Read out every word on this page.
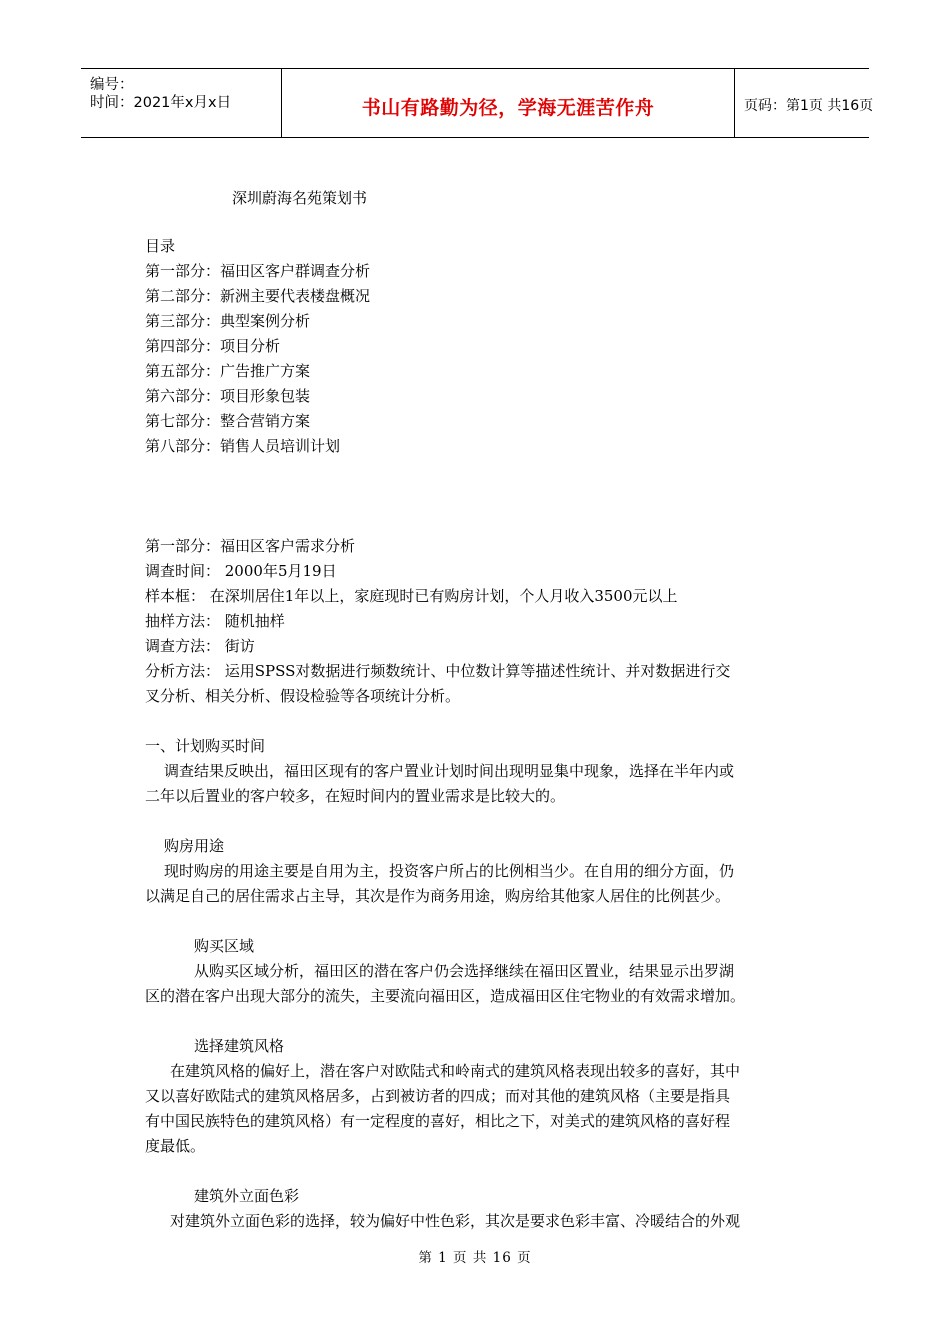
编号：
时间：2021年x月x日	书山有路勤为径，学海无涯苦作舟	页码：第1页 共16页
深圳蔚海名苑策划书
目录
第一部分：福田区客户群调查分析
第二部分：新洲主要代表楼盘概况
第三部分：典型案例分析
第四部分：项目分析
第五部分：广告推广方案
第六部分：项目形象包装
第七部分：整合营销方案
第八部分：销售人员培训计划
第一部分：福田区客户需求分析
调查时间： 2000年5月19日
样本框： 在深圳居住1年以上，家庭现时已有购房计划，个人月收入3500元以上
抽样方法： 随机抽样
调查方法： 街访
分析方法： 运用SPSS对数据进行频数统计、中位数计算等描述性统计、并对数据进行交
叉分析、相关分析、假设检验等各项统计分析。
一、计划购买时间
调查结果反映出，福田区现有的客户置业计划时间出现明显集中现象，选择在半年内或
二年以后置业的客户较多，在短时间内的置业需求是比较大的。
购房用途
现时购房的用途主要是自用为主，投资客户所占的比例相当少。在自用的细分方面，仍
以满足自己的居住需求占主导，其次是作为商务用途，购房给其他家人居住的比例甚少。
购买区域
从购买区域分析，福田区的潜在客户仍会选择继续在福田区置业，结果显示出罗湖
区的潜在客户出现大部分的流失，主要流向福田区，造成福田区住宅物业的有效需求增加。
选择建筑风格
在建筑风格的偏好上，潜在客户对欧陆式和岭南式的建筑风格表现出较多的喜好，其中
又以喜好欧陆式的建筑风格居多，占到被访者的四成；而对其他的建筑风格（主要是指具
有中国民族特色的建筑风格）有一定程度的喜好，相比之下，对美式的建筑风格的喜好程
度最低。
建筑外立面色彩
对建筑外立面色彩的选择，较为偏好中性色彩，其次是要求色彩丰富、冷暖结合的外观
第 1 页 共 16 页
